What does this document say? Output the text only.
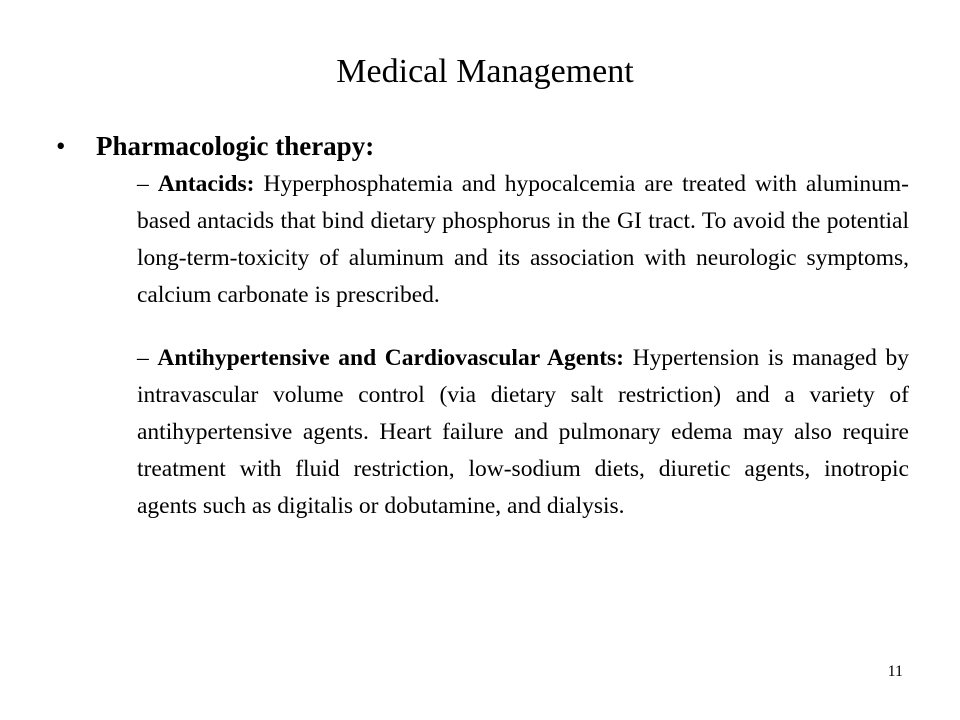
Medical Management
• Pharmacologic therapy:

– Antacids: Hyperphosphatemia and hypocalcemia are treated with aluminum-based antacids that bind dietary phosphorus in the GI tract. To avoid the potential long-term-toxicity of aluminum and its association with neurologic symptoms, calcium carbonate is prescribed.

– Antihypertensive and Cardiovascular Agents: Hypertension is managed by intravascular volume control (via dietary salt restriction) and a variety of antihypertensive agents. Heart failure and pulmonary edema may also require treatment with fluid restriction, low-sodium diets, diuretic agents, inotropic agents such as digitalis or dobutamine, and dialysis.

11
